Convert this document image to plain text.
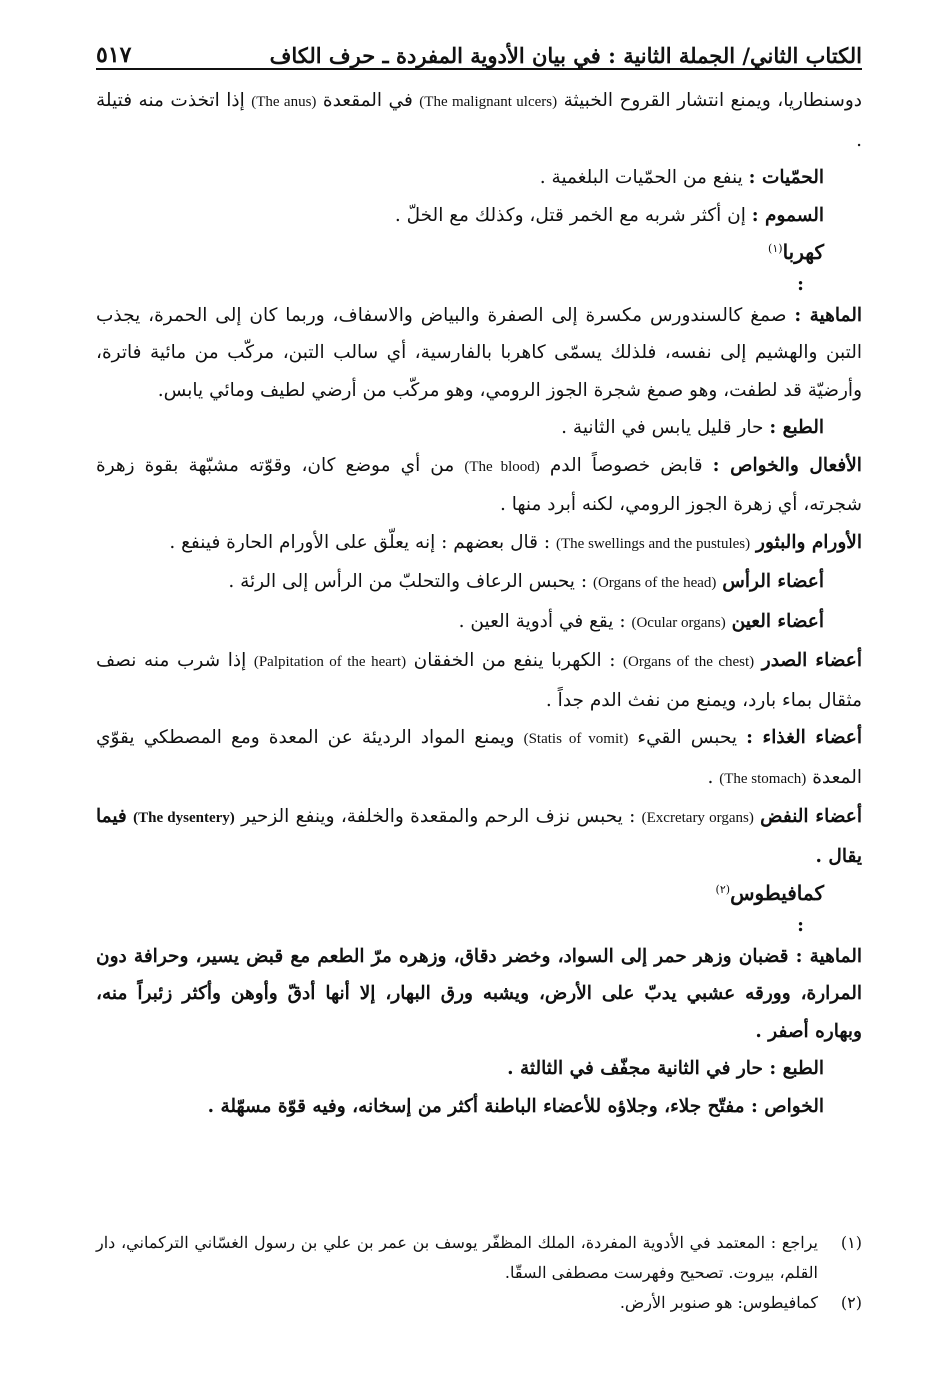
الكتاب الثاني/ الجملة الثانية : في بيان الأدوية المفردة ـ حرف الكاف
٥١٧

دوسنطاريا، ويمنع انتشار القروح الخبيثة (The malignant ulcers) في المقعدة (The anus) إذا اتخذت منه فتيلة .

الحمّيات : ينفع من الحمّيات البلغمية .

السموم : إن أكثر شربه مع الخمر قتل، وكذلك مع الخلّ .

كهربا$^{(١)}$
:

الماهية : صمغ كالسندورس مكسرة إلى الصفرة والبياض والاسفاف، وربما كان إلى الحمرة، يجذب التبن والهشيم إلى نفسه، فلذلك يسمّى كاهربا بالفارسية، أي سالب التبن، مركّب من مائية فاترة، وأرضيّة قد لطفت، وهو صمغ شجرة الجوز الرومي، وهو مركّب من أرضي لطيف ومائي يابس.

الطبع : حار قليل يابس في الثانية .

الأفعال والخواص : قابض خصوصاً الدم (The blood) من أي موضع كان، وقوّته مشبّهة بقوة زهرة شجرته، أي زهرة الجوز الرومي، لكنه أبرد منها .

الأورام والبثور (The swellings and the pustules) : قال بعضهم : إنه يعلّق على الأورام الحارة فينفع .

أعضاء الرأس (Organs of the head) : يحبس الرعاف والتحلبّ من الرأس إلى الرئة .

أعضاء العين (Ocular organs) : يقع في أدوية العين .

أعضاء الصدر (Organs of the chest) : الكهربا ينفع من الخفقان (Palpitation of the heart) إذا شرب منه نصف مثقال بماء بارد، ويمنع من نفث الدم جداً .

أعضاء الغذاء : يحبس القيء (Statis of vomit) ويمنع المواد الرديئة عن المعدة ومع المصطكي يقوّي المعدة (The stomach) .

أعضاء النفض (Excretary organs) : يحبس نزف الرحم والمقعدة والخلفة، وينفع الزحير (The dysentery) فيما يقال .

كمافيطوس$^{(٢)}$
:

الماهية : قضبان وزهر حمر إلى السواد، وخضر دقاق، وزهره مرّ الطعم مع قبض يسير، وحرافة دون المرارة، وورقه عشبي يدبّ على الأرض، ويشبه ورق البهار، إلا أنها أدقّ وأوهن وأكثر زئبراً منه، وبهاره أصفر .

الطبع : حار في الثانية مجفّف في الثالثة .

الخواص : مفتّح جلاء، وجلاؤه للأعضاء الباطنة أكثر من إسخانه، وفيه قوّة مسهّلة .

(١)
يراجع : المعتمد في الأدوية المفردة، الملك المظفّر يوسف بن عمر بن علي بن رسول الغسّاني التركماني، دار القلم، بيروت. تصحيح وفهرست مصطفى السقّا.
(٢)
كمافيطوس: هو صنوبر الأرض.
